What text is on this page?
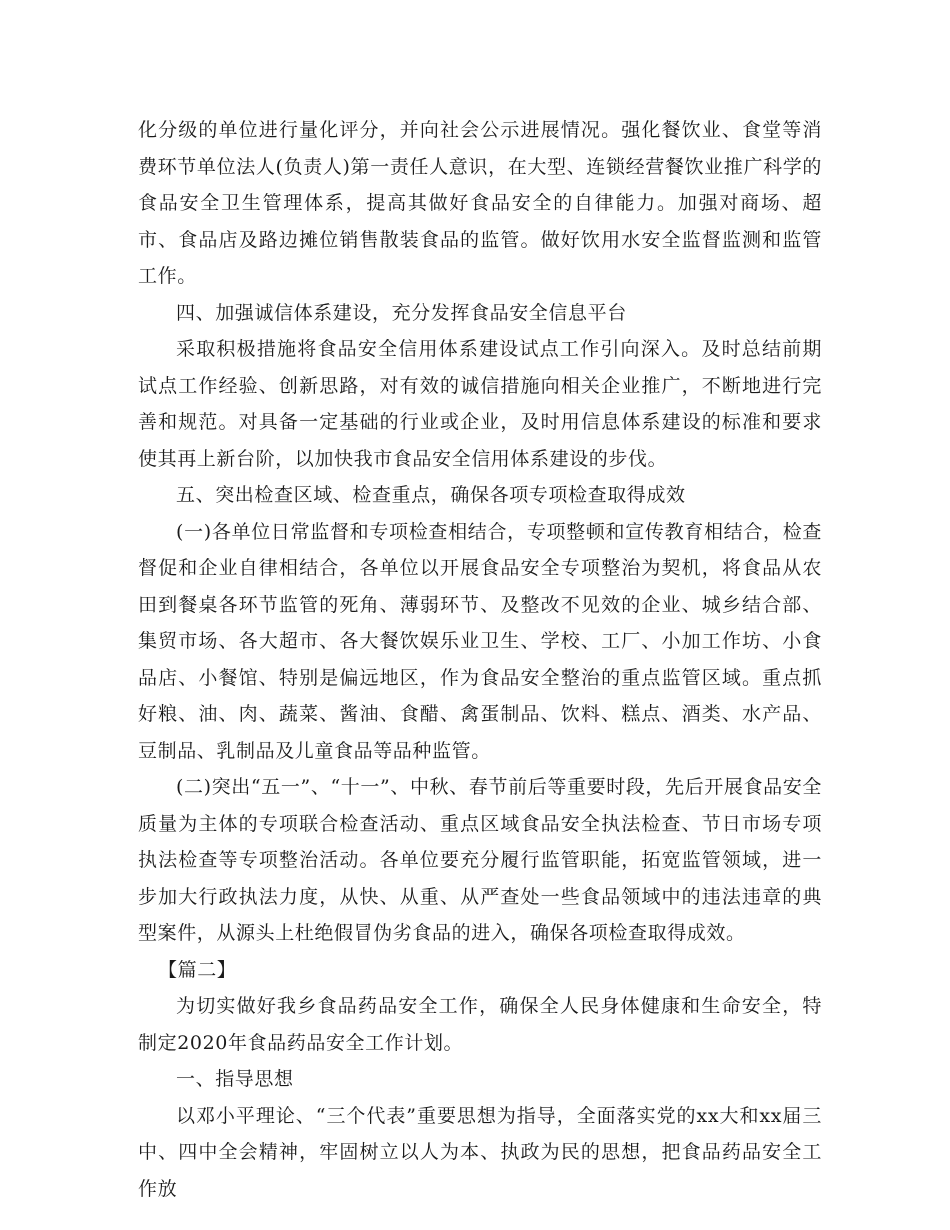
化分级的单位进行量化评分，并向社会公示进展情况。强化餐饮业、食堂等消费环节单位法人(负责人)第一责任人意识，在大型、连锁经营餐饮业推广科学的食品安全卫生管理体系，提高其做好食品安全的自律能力。加强对商场、超市、食品店及路边摊位销售散装食品的监管。做好饮用水安全监督监测和监管工作。

四、加强诚信体系建设，充分发挥食品安全信息平台

采取积极措施将食品安全信用体系建设试点工作引向深入。及时总结前期试点工作经验、创新思路，对有效的诚信措施向相关企业推广，不断地进行完善和规范。对具备一定基础的行业或企业，及时用信息体系建设的标准和要求使其再上新台阶，以加快我市食品安全信用体系建设的步伐。

五、突出检查区域、检查重点，确保各项专项检查取得成效

(一)各单位日常监督和专项检查相结合，专项整顿和宣传教育相结合，检查督促和企业自律相结合，各单位以开展食品安全专项整治为契机，将食品从农田到餐桌各环节监管的死角、薄弱环节、及整改不见效的企业、城乡结合部、集贸市场、各大超市、各大餐饮娱乐业卫生、学校、工厂、小加工作坊、小食品店、小餐馆、特别是偏远地区，作为食品安全整治的重点监管区域。重点抓好粮、油、肉、蔬菜、酱油、食醋、禽蛋制品、饮料、糕点、酒类、水产品、豆制品、乳制品及儿童食品等品种监管。

(二)突出“五一”、“十一”、中秋、春节前后等重要时段，先后开展食品安全质量为主体的专项联合检查活动、重点区域食品安全执法检查、节日市场专项执法检查等专项整治活动。各单位要充分履行监管职能，拓宽监管领域，进一步加大行政执法力度，从快、从重、从严查处一些食品领域中的违法违章的典型案件，从源头上杜绝假冒伪劣食品的进入，确保各项检查取得成效。

【篇二】

为切实做好我乡食品药品安全工作，确保全人民身体健康和生命安全，特制定2020年食品药品安全工作计划。

一、指导思想

以邓小平理论、“三个代表”重要思想为指导，全面落实党的xx大和xx届三中、四中全会精神，牢固树立以人为本、执政为民的思想，把食品药品安全工作放
